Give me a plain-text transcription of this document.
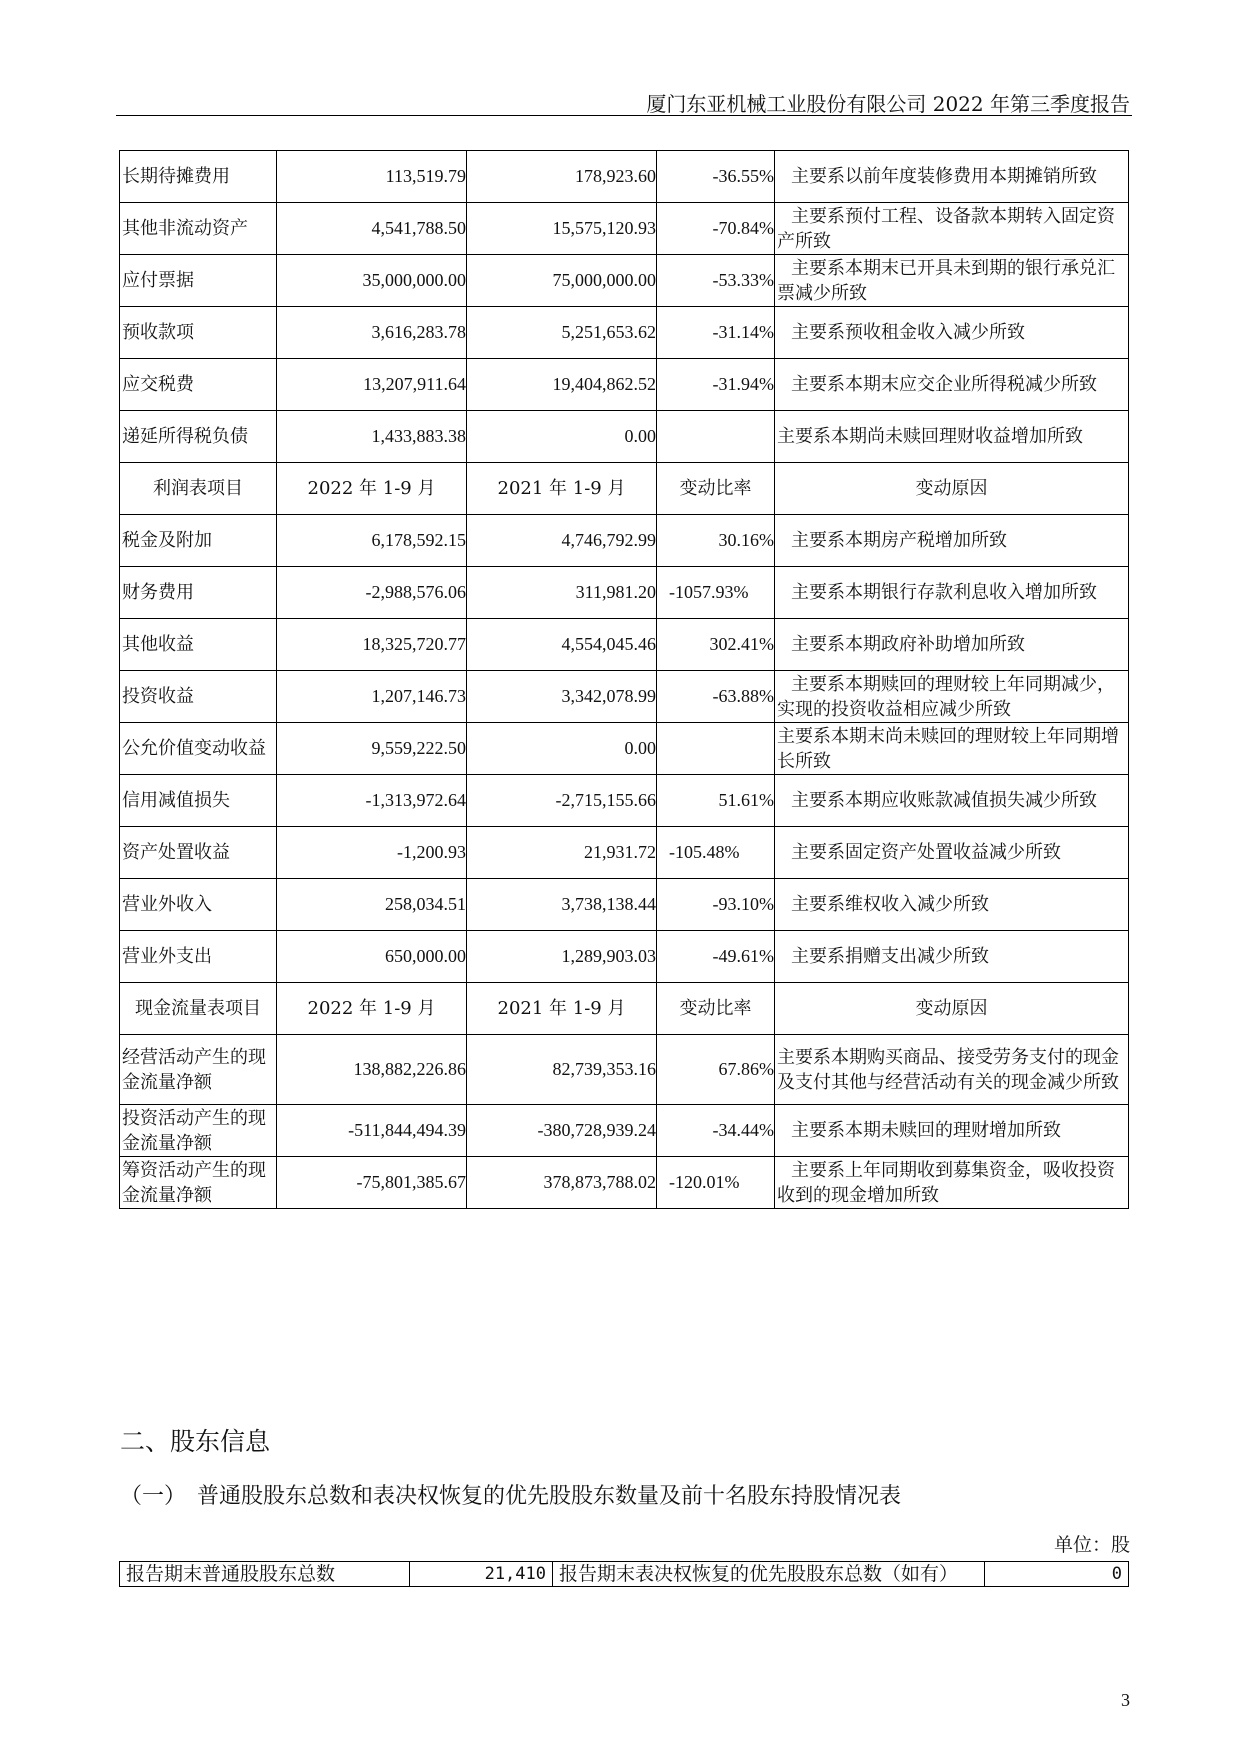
厦门东亚机械工业股份有限公司 2022 年第三季度报告
长期待摊费用	113,519.79	178,923.60	-36.55%	主要系以前年度装修费用本期摊销所致
其他非流动资产	4,541,788.50	15,575,120.93	-70.84%	主要系预付工程、设备款本期转入固定资产所致
应付票据	35,000,000.00	75,000,000.00	-53.33%	主要系本期末已开具未到期的银行承兑汇票减少所致
预收款项	3,616,283.78	5,251,653.62	-31.14%	主要系预收租金收入减少所致
应交税费	13,207,911.64	19,404,862.52	-31.94%	主要系本期末应交企业所得税减少所致
递延所得税负债	1,433,883.38	0.00		主要系本期尚未赎回理财收益增加所致
利润表项目	2022 年 1-9 月	2021 年 1-9 月	变动比率	变动原因
税金及附加	6,178,592.15	4,746,792.99	30.16%	主要系本期房产税增加所致
财务费用	-2,988,576.06	311,981.20	-1057.93%	主要系本期银行存款利息收入增加所致
其他收益	18,325,720.77	4,554,045.46	302.41%	主要系本期政府补助增加所致
投资收益	1,207,146.73	3,342,078.99	-63.88%	主要系本期赎回的理财较上年同期减少，实现的投资收益相应减少所致
公允价值变动收益	9,559,222.50	0.00		主要系本期末尚未赎回的理财较上年同期增长所致
信用减值损失	-1,313,972.64	-2,715,155.66	51.61%	主要系本期应收账款减值损失减少所致
资产处置收益	-1,200.93	21,931.72	-105.48%	主要系固定资产处置收益减少所致
营业外收入	258,034.51	3,738,138.44	-93.10%	主要系维权收入减少所致
营业外支出	650,000.00	1,289,903.03	-49.61%	主要系捐赠支出减少所致
现金流量表项目	2022 年 1-9 月	2021 年 1-9 月	变动比率	变动原因
经营活动产生的现金流量净额	138,882,226.86	82,739,353.16	67.86%	主要系本期购买商品、接受劳务支付的现金及支付其他与经营活动有关的现金减少所致
投资活动产生的现金流量净额	-511,844,494.39	-380,728,939.24	-34.44%	主要系本期未赎回的理财增加所致
筹资活动产生的现金流量净额	-75,801,385.67	378,873,788.02	-120.01%	主要系上年同期收到募集资金，吸收投资收到的现金增加所致
二、股东信息
（一）　普通股股东总数和表决权恢复的优先股股东数量及前十名股东持股情况表
单位：股
报告期末普通股股东总数	21,410	报告期末表决权恢复的优先股股东总数（如有）	0
3
